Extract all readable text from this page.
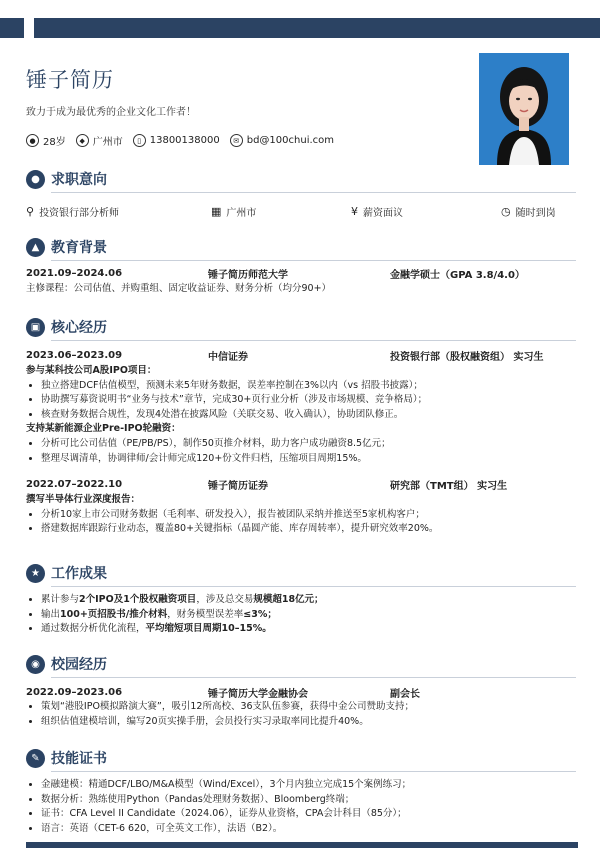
锤子简历
致力于成为最优秀的企业文化工作者！
● 28岁	◆ 广州市	▯ 13800138000	✉ bd@100chui.com
● 求职意向
⚲ 投资银行部分析师	▦ 广州市	¥ 薪资面议	◷ 随时到岗
▲ 教育背景
2021.09–2024.06	锤子简历师范大学	金融学硕士（GPA 3.8/4.0）
主修课程：公司估值、并购重组、固定收益证券、财务分析（均分90+）
▣ 核心经历
2023.06–2023.09	中信证券	投资银行部（股权融资组） 实习生
参与某科技公司A股IPO项目：
• 独立搭建DCF估值模型，预测未来5年财务数据，误差率控制在3%以内（vs 招股书披露）；
• 协助撰写募资说明书“业务与技术”章节，完成30+页行业分析（涉及市场规模、竞争格局）；
• 核查财务数据合规性，发现4处潜在披露风险（关联交易、收入确认），协助团队修正。
支持某新能源企业Pre-IPO轮融资：
• 分析可比公司估值（PE/PB/PS），制作50页推介材料，助力客户成功融资8.5亿元；
• 整理尽调清单，协调律师/会计师完成120+份文件归档，压缩项目周期15%。
2022.07–2022.10	锤子简历证券	研究部（TMT组） 实习生
撰写半导体行业深度报告：
• 分析10家上市公司财务数据（毛利率、研发投入），报告被团队采纳并推送至5家机构客户；
• 搭建数据库跟踪行业动态，覆盖80+关键指标（晶圆产能、库存周转率），提升研究效率20%。
★ 工作成果
• 累计参与2个IPO及1个股权融资项目，涉及总交易规模超18亿元；
• 输出100+页招股书/推介材料，财务模型误差率≤3%；
• 通过数据分析优化流程，平均缩短项目周期10–15%。
◉ 校园经历
2022.09–2023.06	锤子简历大学金融协会	副会长
• 策划“港股IPO模拟路演大赛”，吸引12所高校、36支队伍参赛，获得中金公司赞助支持；
• 组织估值建模培训，编写20页实操手册，会员投行实习录取率同比提升40%。
✎ 技能证书
• 金融建模：精通DCF/LBO/M&A模型（Wind/Excel），3个月内独立完成15个案例练习；
• 数据分析：熟练使用Python（Pandas处理财务数据）、Bloomberg终端；
• 证书：CFA Level II Candidate（2024.06），证券从业资格，CPA会计科目（85分）；
• 语言：英语（CET-6 620，可全英文工作），法语（B2）。
